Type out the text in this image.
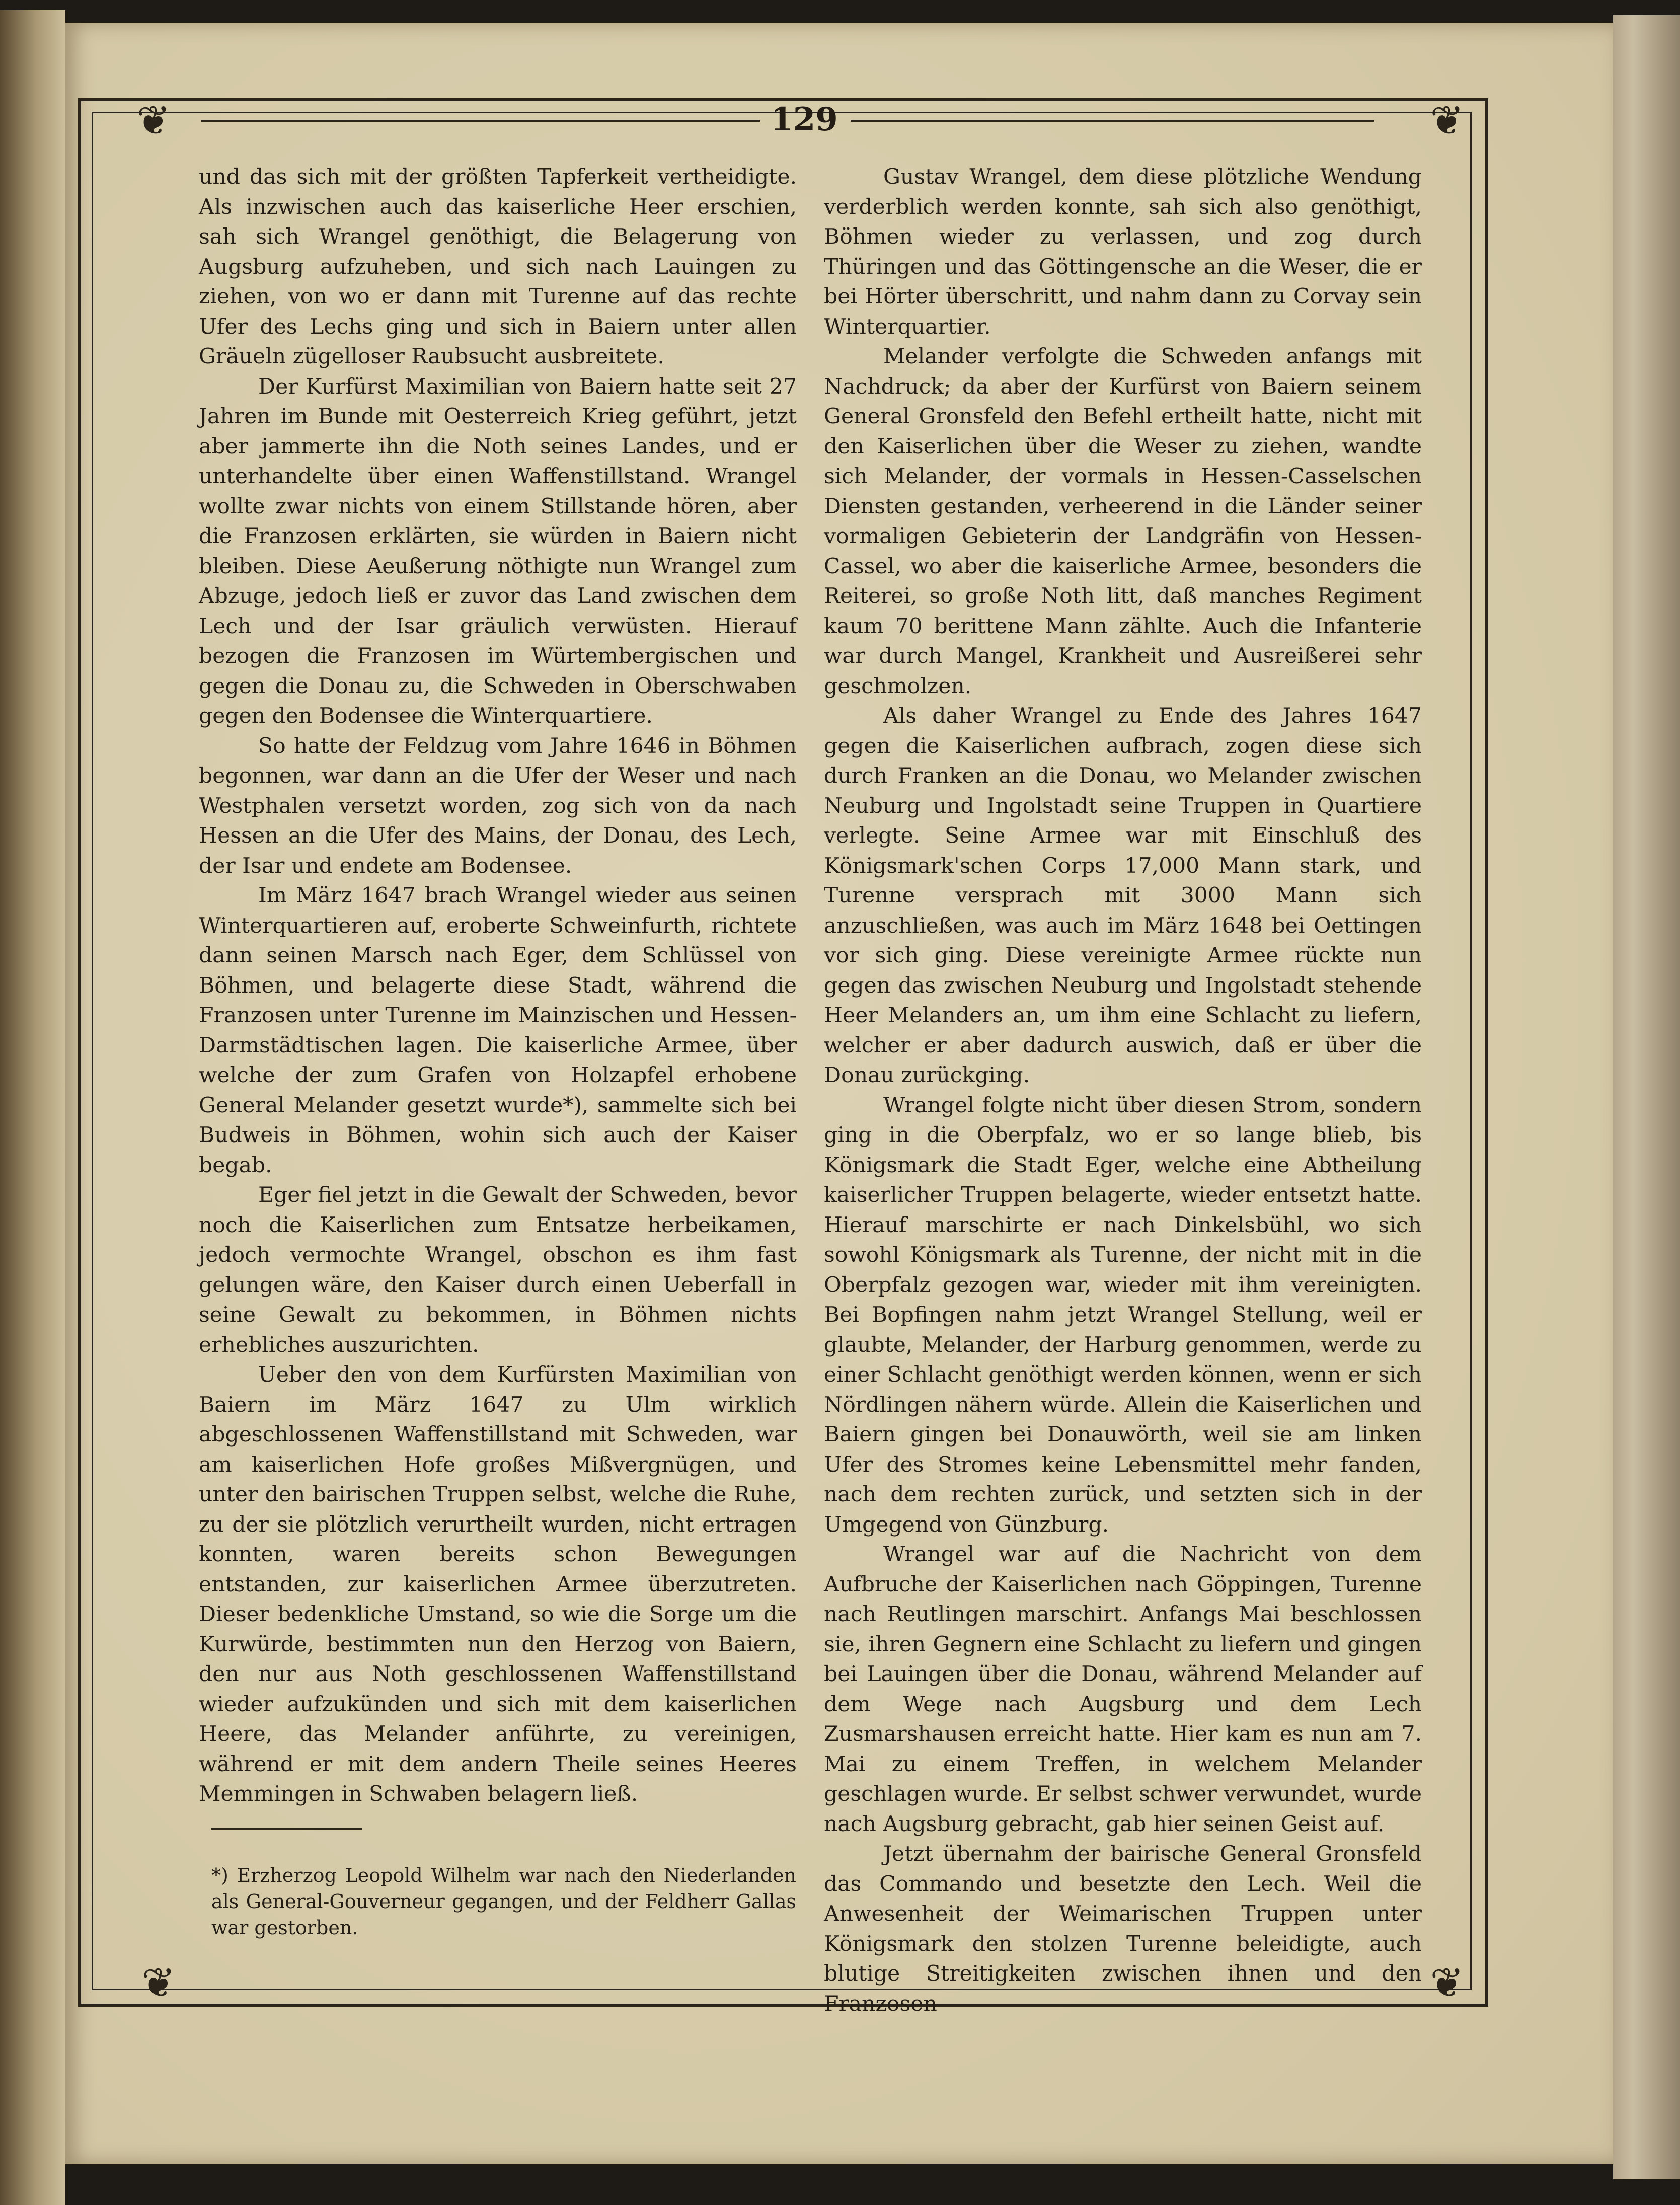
❦	❦
❦	❦
129

und das sich mit der größten Tapferkeit vertheidigte. Als inzwischen auch das kaiserliche Heer erschien, sah sich Wrangel genöthigt, die Belagerung von Augsburg aufzuheben, und sich nach Lauingen zu ziehen, von wo er dann mit Turenne auf das rechte Ufer des Lechs ging und sich in Baiern unter allen Gräueln zügelloser Raubsucht ausbreitete.

Der Kurfürst Maximilian von Baiern hatte seit 27 Jahren im Bunde mit Oesterreich Krieg geführt, jetzt aber jammerte ihn die Noth seines Landes, und er unterhandelte über einen Waffenstillstand. Wrangel wollte zwar nichts von einem Stillstande hören, aber die Franzosen erklärten, sie würden in Baiern nicht bleiben. Diese Aeußerung nöthigte nun Wrangel zum Abzuge, jedoch ließ er zuvor das Land zwischen dem Lech und der Isar gräulich verwüsten. Hierauf bezogen die Franzosen im Würtembergischen und gegen die Donau zu, die Schweden in Oberschwaben gegen den Bodensee die Winterquartiere.

So hatte der Feldzug vom Jahre 1646 in Böhmen begonnen, war dann an die Ufer der Weser und nach Westphalen versetzt worden, zog sich von da nach Hessen an die Ufer des Mains, der Donau, des Lech, der Isar und endete am Bodensee.

Im März 1647 brach Wrangel wieder aus seinen Winterquartieren auf, eroberte Schweinfurth, richtete dann seinen Marsch nach Eger, dem Schlüssel von Böhmen, und belagerte diese Stadt, während die Franzosen unter Turenne im Mainzischen und Hessen-Darmstädtischen lagen. Die kaiserliche Armee, über welche der zum Grafen von Holzapfel erhobene General Melander gesetzt wurde*), sammelte sich bei Budweis in Böhmen, wohin sich auch der Kaiser begab.

Eger fiel jetzt in die Gewalt der Schweden, bevor noch die Kaiserlichen zum Entsatze herbeikamen, jedoch vermochte Wrangel, obschon es ihm fast gelungen wäre, den Kaiser durch einen Ueberfall in seine Gewalt zu bekommen, in Böhmen nichts erhebliches auszurichten.

Ueber den von dem Kurfürsten Maximilian von Baiern im März 1647 zu Ulm wirklich abgeschlossenen Waffenstillstand mit Schweden, war am kaiserlichen Hofe großes Mißvergnügen, und unter den bairischen Truppen selbst, welche die Ruhe, zu der sie plötzlich verurtheilt wurden, nicht ertragen konnten, waren bereits schon Bewegungen entstanden, zur kaiserlichen Armee überzutreten. Dieser bedenkliche Umstand, so wie die Sorge um die Kurwürde, bestimmten nun den Herzog von Baiern, den nur aus Noth geschlossenen Waffenstillstand wieder aufzukünden und sich mit dem kaiserlichen Heere, das Melander anführte, zu vereinigen, während er mit dem andern Theile seines Heeres Memmingen in Schwaben belagern ließ.

Gustav Wrangel, dem diese plötzliche Wendung verderblich werden konnte, sah sich also genöthigt, Böhmen wieder zu verlassen, und zog durch Thüringen und das Göttingensche an die Weser, die er bei Hörter überschritt, und nahm dann zu Corvay sein Winterquartier.

Melander verfolgte die Schweden anfangs mit Nachdruck; da aber der Kurfürst von Baiern seinem General Gronsfeld den Befehl ertheilt hatte, nicht mit den Kaiserlichen über die Weser zu ziehen, wandte sich Melander, der vormals in Hessen-Casselschen Diensten gestanden, verheerend in die Länder seiner vormaligen Gebieterin der Landgräfin von Hessen-Cassel, wo aber die kaiserliche Armee, besonders die Reiterei, so große Noth litt, daß manches Regiment kaum 70 berittene Mann zählte. Auch die Infanterie war durch Mangel, Krankheit und Ausreißerei sehr geschmolzen.

Als daher Wrangel zu Ende des Jahres 1647 gegen die Kaiserlichen aufbrach, zogen diese sich durch Franken an die Donau, wo Melander zwischen Neuburg und Ingolstadt seine Truppen in Quartiere verlegte. Seine Armee war mit Einschluß des Königsmark'schen Corps 17,000 Mann stark, und Turenne versprach mit 3000 Mann sich anzuschließen, was auch im März 1648 bei Oettingen vor sich ging. Diese vereinigte Armee rückte nun gegen das zwischen Neuburg und Ingolstadt stehende Heer Melanders an, um ihm eine Schlacht zu liefern, welcher er aber dadurch auswich, daß er über die Donau zurückging.

Wrangel folgte nicht über diesen Strom, sondern ging in die Oberpfalz, wo er so lange blieb, bis Königsmark die Stadt Eger, welche eine Abtheilung kaiserlicher Truppen belagerte, wieder entsetzt hatte. Hierauf marschirte er nach Dinkelsbühl, wo sich sowohl Königsmark als Turenne, der nicht mit in die Oberpfalz gezogen war, wieder mit ihm vereinigten. Bei Bopfingen nahm jetzt Wrangel Stellung, weil er glaubte, Melander, der Harburg genommen, werde zu einer Schlacht genöthigt werden können, wenn er sich Nördlingen nähern würde. Allein die Kaiserlichen und Baiern gingen bei Donauwörth, weil sie am linken Ufer des Stromes keine Lebensmittel mehr fanden, nach dem rechten zurück, und setzten sich in der Umgegend von Günzburg.

Wrangel war auf die Nachricht von dem Aufbruche der Kaiserlichen nach Göppingen, Turenne nach Reutlingen marschirt. Anfangs Mai beschlossen sie, ihren Gegnern eine Schlacht zu liefern und gingen bei Lauingen über die Donau, während Melander auf dem Wege nach Augsburg und dem Lech Zusmarshausen erreicht hatte. Hier kam es nun am 7. Mai zu einem Treffen, in welchem Melander geschlagen wurde. Er selbst schwer verwundet, wurde nach Augsburg gebracht, gab hier seinen Geist auf.

Jetzt übernahm der bairische General Gronsfeld das Commando und besetzte den Lech. Weil die Anwesenheit der Weimarischen Truppen unter Königsmark den stolzen Turenne beleidigte, auch blutige Streitigkeiten zwischen ihnen und den Franzosen

*) Erzherzog Leopold Wilhelm war nach den Niederlanden als General-Gouverneur gegangen, und der Feldherr Gallas war gestorben.
